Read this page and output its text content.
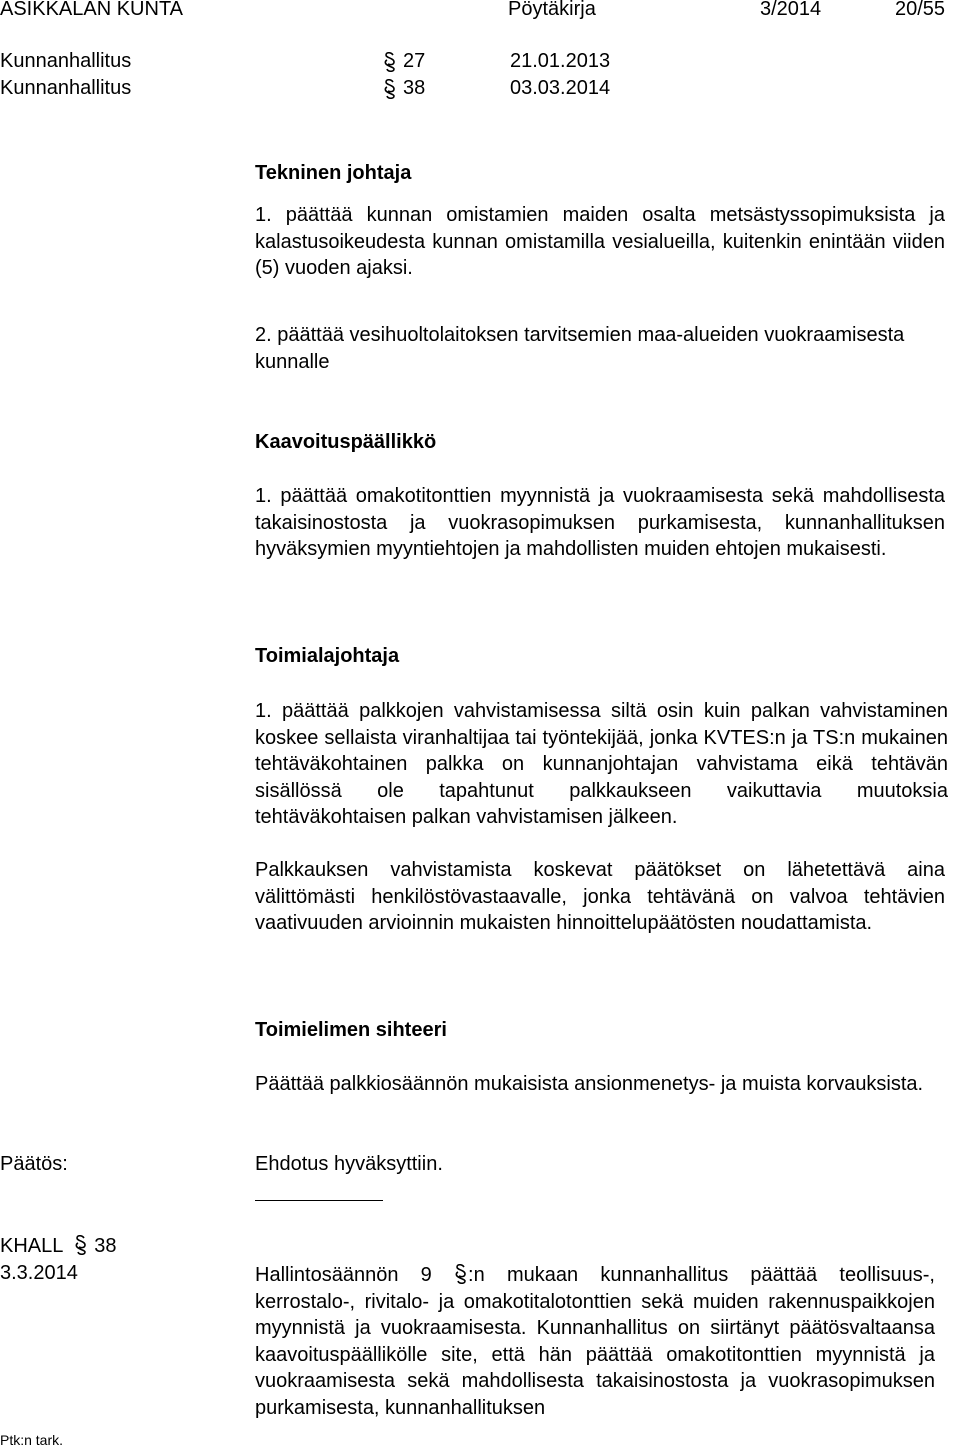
ASIKKALAN KUNTA	Pöytäkirja	3/2014	20/55
Kunnanhallitus	27	21.01.2013
Kunnanhallitus	38	03.03.2014
Tekninen johtaja

1. päättää kunnan omistamien maiden osalta metsästyssopimuksista ja kalastusoikeudesta kunnan omistamilla vesialueilla, kuitenkin enintään viiden (5) vuoden ajaksi.

2. päättää vesihuoltolaitoksen tarvitsemien maa-alueiden vuokraamisesta kunnalle

Kaavoituspäällikkö

1. päättää omakotitonttien myynnistä ja vuokraamisesta sekä mahdollisesta takaisinostosta ja vuokrasopimuksen purkamisesta, kunnanhallituksen hyväksymien myyntiehtojen ja mahdollisten muiden ehtojen mukaisesti.

Toimialajohtaja

1. päättää palkkojen vahvistamisessa siltä osin kuin palkan vahvistaminen koskee sellaista viranhaltijaa tai työntekijää, jonka KVTES:n ja TS:n mukainen tehtäväkohtainen palkka on kunnanjohtajan vahvistama eikä tehtävän sisällössä ole tapahtunut palkkaukseen vaikuttavia muutoksia tehtäväkohtaisen palkan vahvistamisen jälkeen.

Palkkauksen vahvistamista koskevat päätökset on lähetettävä aina välittömästi henkilöstövastaavalle, jonka tehtävänä on valvoa tehtävien vaativuuden arvioinnin mukaisten hinnoittelupäätösten noudattamista.

Toimielimen sihteeri

Päättää palkkiosäännön mukaisista ansionmenetys- ja muista korvauksista.

Päätös:	Ehdotus hyväksyttiin.
KHALL 38
3.3.2014	Hallintosäännön 9 :n mukaan kunnanhallitus päättää teollisuus-, kerrostalo-, rivitalo- ja omakotitalotonttien sekä muiden rakennuspaikkojen myynnistä ja vuokraamisesta. Kunnanhallitus on siirtänyt päätösvaltaansa kaavoituspäällikölle site, että hän päättää omakotitonttien myynnistä ja vuokraamisesta sekä mahdollisesta takaisinostosta ja vuokrasopimuksen purkamisesta, kunnanhallituksen

Ptk:n tark.
